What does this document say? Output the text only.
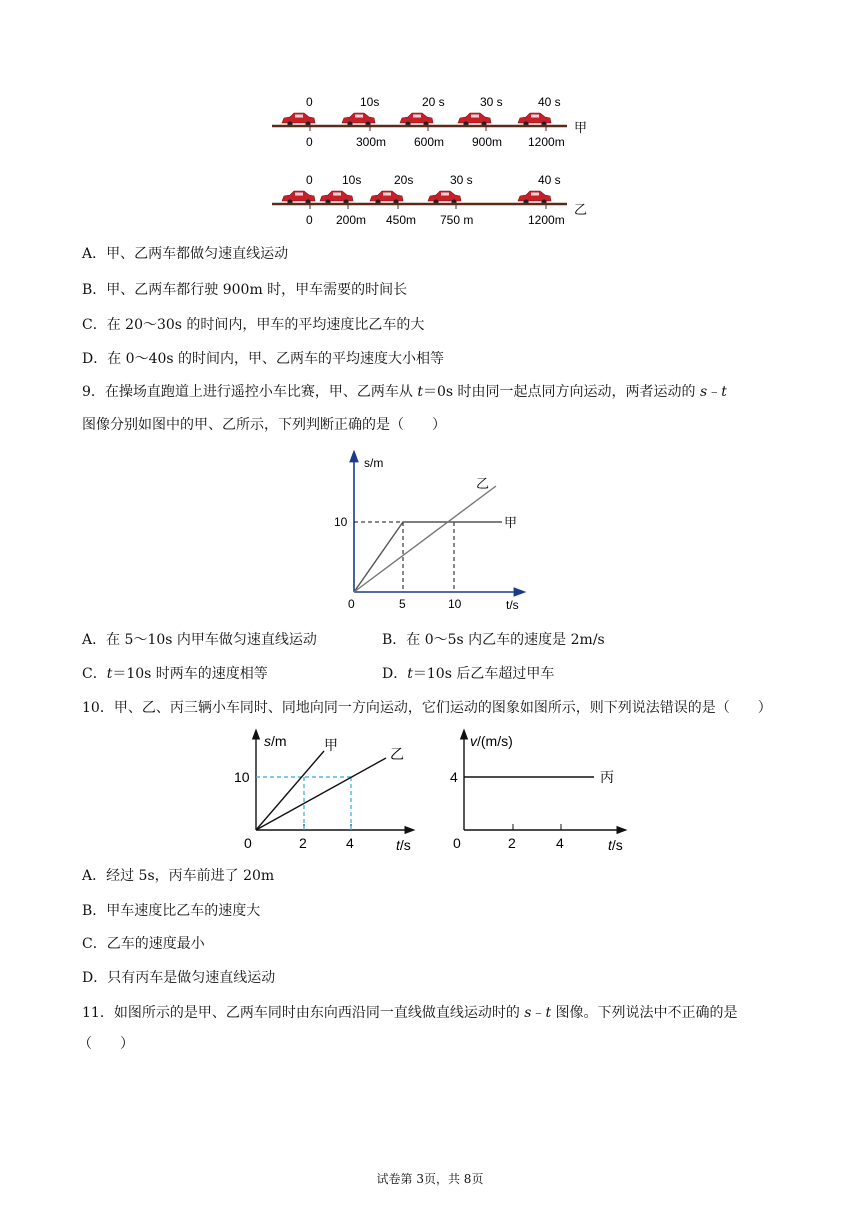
0	10s	20 s	30 s	40 s
甲
0	300m 600m 900m 1200m
0 10s	20s	30 s	40 s
乙
0 200m 450m 750 m	1200m
A．甲、乙两车都做匀速直线运动
B．甲、乙两车都行驶 900m 时，甲车需要的时间长
C．在 20～30s 的时间内，甲车的平均速度比乙车的大
D．在 0～40s 的时间内，甲、乙两车的平均速度大小相等
9．在操场直跑道上进行遥控小车比赛，甲、乙两车从 t＝0s 时由同一起点同方向运动，两者运动的 s﹣t
图像分别如图中的甲、乙所示，下列判断正确的是（　　）
s/m
t/s
0
10
5	10
甲
乙
A．在 5～10s 内甲车做匀速直线运动	B．在 0～5s 内乙车的速度是 2m/s
C．t＝10s 时两车的速度相等	D．t＝10s 后乙车超过甲车
10．甲、乙、丙三辆小车同时、同地向同一方向运动，它们运动的图象如图所示，则下列说法错误的是（　　）
s/m
t/s
0
10
2	4
甲
乙
v/(m/s)
t/s
0
4
2	4
丙
A．经过 5s，丙车前进了 20m
B．甲车速度比乙车的速度大
C．乙车的速度最小
D．只有丙车是做匀速直线运动
11．如图所示的是甲、乙两车同时由东向西沿同一直线做直线运动时的 s﹣t 图像。下列说法中不正确的是
（　　）
试卷第 3页，共 8页
